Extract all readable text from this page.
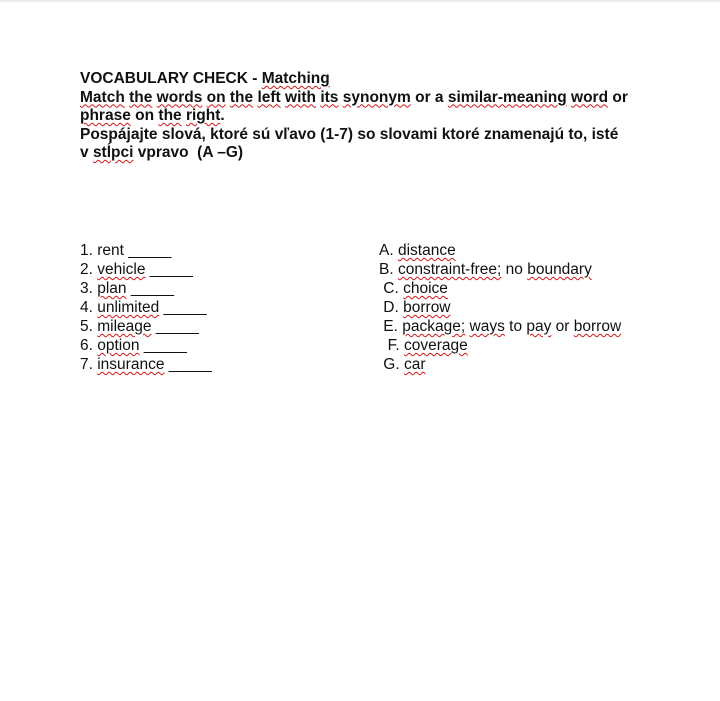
VOCABULARY CHECK - Matching
Match the words on the left with its synonym or a similar-meaning word or
phrase on the right.
Pospájajte slová, ktoré sú vľavo (1-7) so slovami ktoré znamenajú to, isté
v stĺpci vpravo  (A –G)
1. rent _____
2. vehicle _____
3. plan _____
4. unlimited _____
5. mileage _____
6. option _____
7. insurance _____
A. distance
B. constraint-free; no boundary
C. choice
D. borrow
E. package; ways to pay or borrow
F. coverage
G. car
